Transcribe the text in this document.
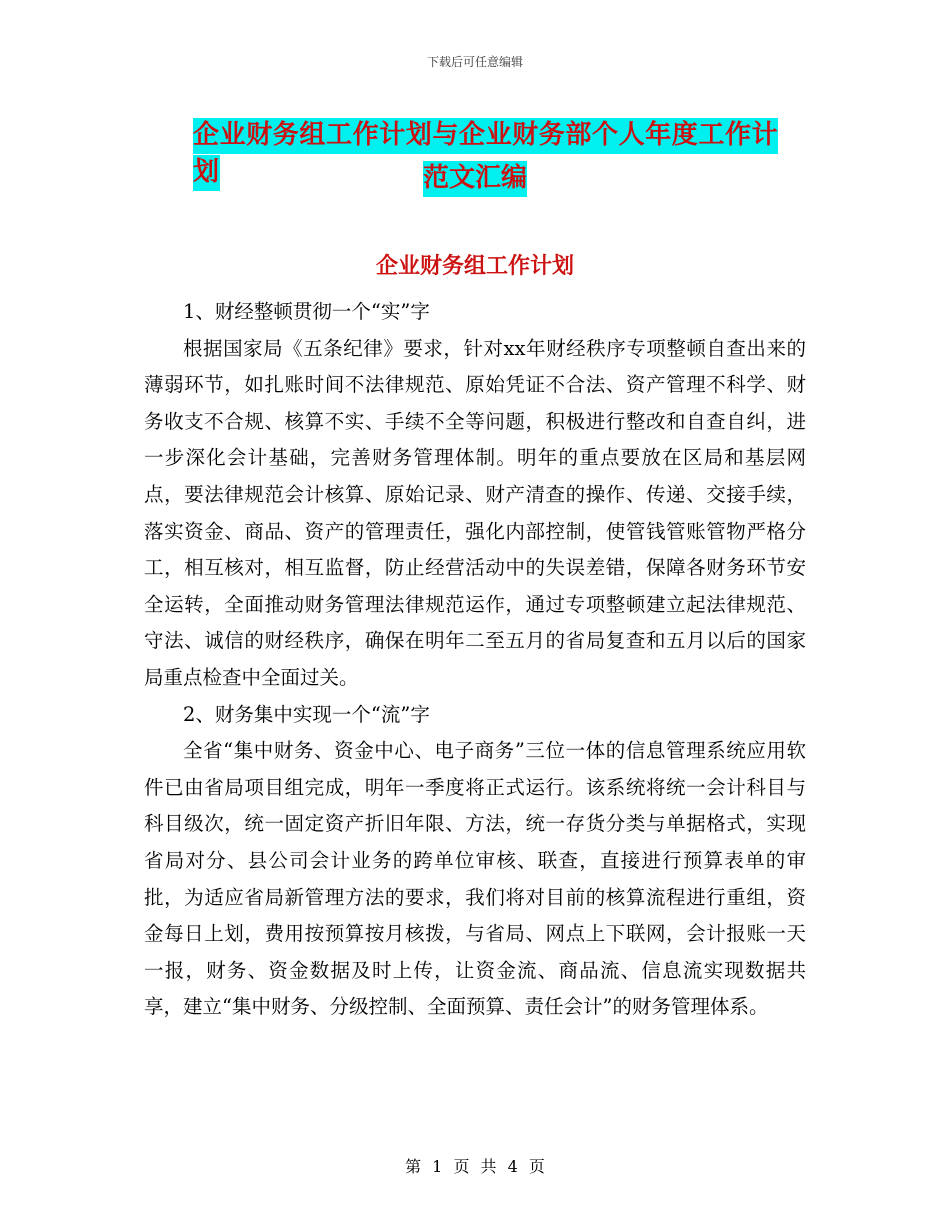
下载后可任意编辑
企业财务组工作计划与企业财务部个人年度工作计划	范文汇编
企业财务组工作计划

1、财经整顿贯彻一个“实”字

根据国家局《五条纪律》要求，针对xx年财经秩序专项整顿自查出来的薄弱环节，如扎账时间不法律规范、原始凭证不合法、资产管理不科学、财务收支不合规、核算不实、手续不全等问题，积极进行整改和自查自纠，进一步深化会计基础，完善财务管理体制。明年的重点要放在区局和基层网点，要法律规范会计核算、原始记录、财产清查的操作、传递、交接手续，落实资金、商品、资产的管理责任，强化内部控制，使管钱管账管物严格分工，相互核对，相互监督，防止经营活动中的失误差错，保障各财务环节安全运转，全面推动财务管理法律规范运作，通过专项整顿建立起法律规范、守法、诚信的财经秩序，确保在明年二至五月的省局复查和五月以后的国家局重点检查中全面过关。

2、财务集中实现一个“流”字

全省“集中财务、资金中心、电子商务”三位一体的信息管理系统应用软件已由省局项目组完成，明年一季度将正式运行。该系统将统一会计科目与科目级次，统一固定资产折旧年限、方法，统一存货分类与单据格式，实现省局对分、县公司会计业务的跨单位审核、联查，直接进行预算表单的审批，为适应省局新管理方法的要求，我们将对目前的核算流程进行重组，资金每日上划，费用按预算按月核拨，与省局、网点上下联网，会计报账一天一报，财务、资金数据及时上传，让资金流、商品流、信息流实现数据共享，建立“集中财务、分级控制、全面预算、责任会计”的财务管理体系。

第 1 页 共 4 页
